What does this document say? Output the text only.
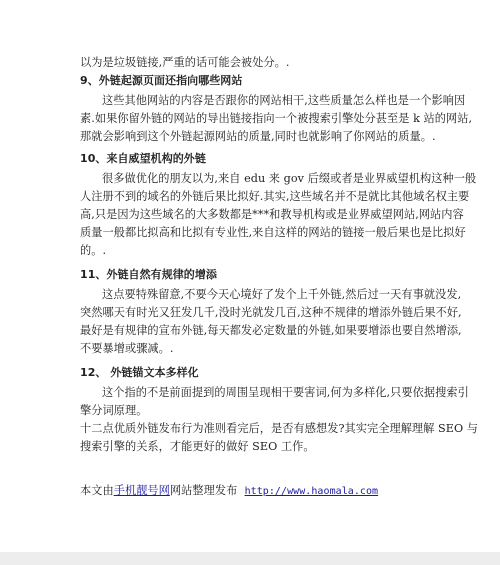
以为是垃圾链接,严重的话可能会被处分。.
9、外链起源页面还指向哪些网站
这些其他网站的内容是否跟你的网站相干,这些质量怎么样也是一个影响因
素.如果你留外链的网站的导出链接指向一个被搜索引擎处分甚至是 k 站的网站,
那就会影响到这个外链起源网站的质量,同时也就影响了你网站的质量。.
10、来自威望机构的外链
很多做优化的朋友以为,来自 edu 来 gov 后缀或者是业界威望机构这种一般
人注册不到的域名的外链后果比拟好.其实,这些域名并不是就比其他域名权主要
高,只是因为这些域名的大多数都是***和教导机构或是业界威望网站,网站内容
质量一般都比拟高和比拟有专业性,来自这样的网站的链接一般后果也是比拟好
的。.
11、外链自然有规律的增添
这点要特殊留意,不要今天心境好了发个上千外链,然后过一天有事就没发,
突然哪天有时光又狂发几千,没时光就发几百,这种不规律的增添外链后果不好,
最好是有规律的宣布外链,每天都发必定数量的外链,如果要增添也要自然增添,
不要暴增或骤减。.
12、 外链锚文本多样化
这个指的不是前面提到的周围呈现相干要害词,何为多样化,只要依据搜索引
擎分词原理。
十二点优质外链发布行为准则看完后，是否有感想发?其实完全理解理解 SEO 与
搜索引擎的关系，才能更好的做好 SEO 工作。
本文由手机靓号网网站整理发布 http://www.haomala.com
